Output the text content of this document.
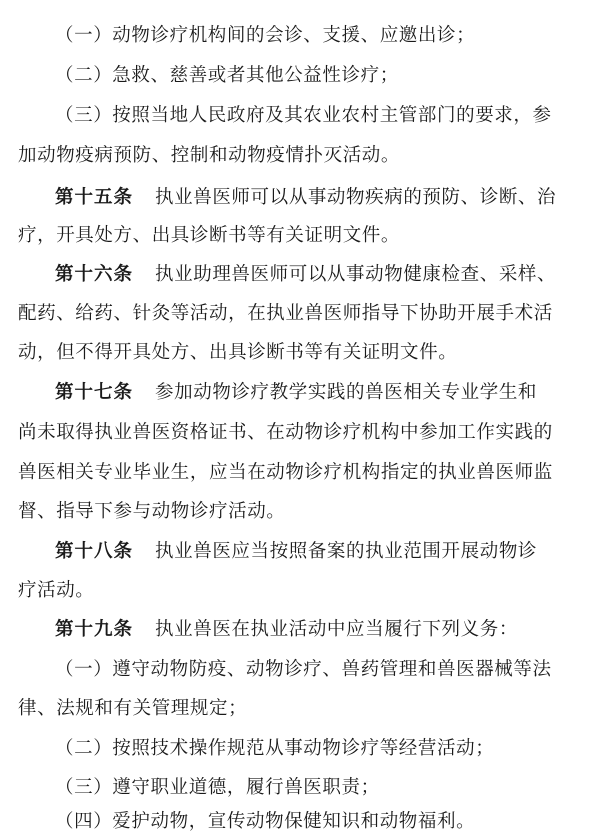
（一）动物诊疗机构间的会诊、支援、应邀出诊；
（二）急救、慈善或者其他公益性诊疗；
（三）按照当地人民政府及其农业农村主管部门的要求，参
加动物疫病预防、控制和动物疫情扑灭活动。
第十五条 执业兽医师可以从事动物疾病的预防、诊断、治
疗，开具处方、出具诊断书等有关证明文件。
第十六条 执业助理兽医师可以从事动物健康检查、采样、
配药、给药、针灸等活动，在执业兽医师指导下协助开展手术活
动，但不得开具处方、出具诊断书等有关证明文件。
第十七条 参加动物诊疗教学实践的兽医相关专业学生和
尚未取得执业兽医资格证书、在动物诊疗机构中参加工作实践的
兽医相关专业毕业生，应当在动物诊疗机构指定的执业兽医师监
督、指导下参与动物诊疗活动。
第十八条 执业兽医应当按照备案的执业范围开展动物诊
疗活动。
第十九条 执业兽医在执业活动中应当履行下列义务：
（一）遵守动物防疫、动物诊疗、兽药管理和兽医器械等法
律、法规和有关管理规定；
（二）按照技术操作规范从事动物诊疗等经营活动；
（三）遵守职业道德，履行兽医职责；
（四）爱护动物，宣传动物保健知识和动物福利。
